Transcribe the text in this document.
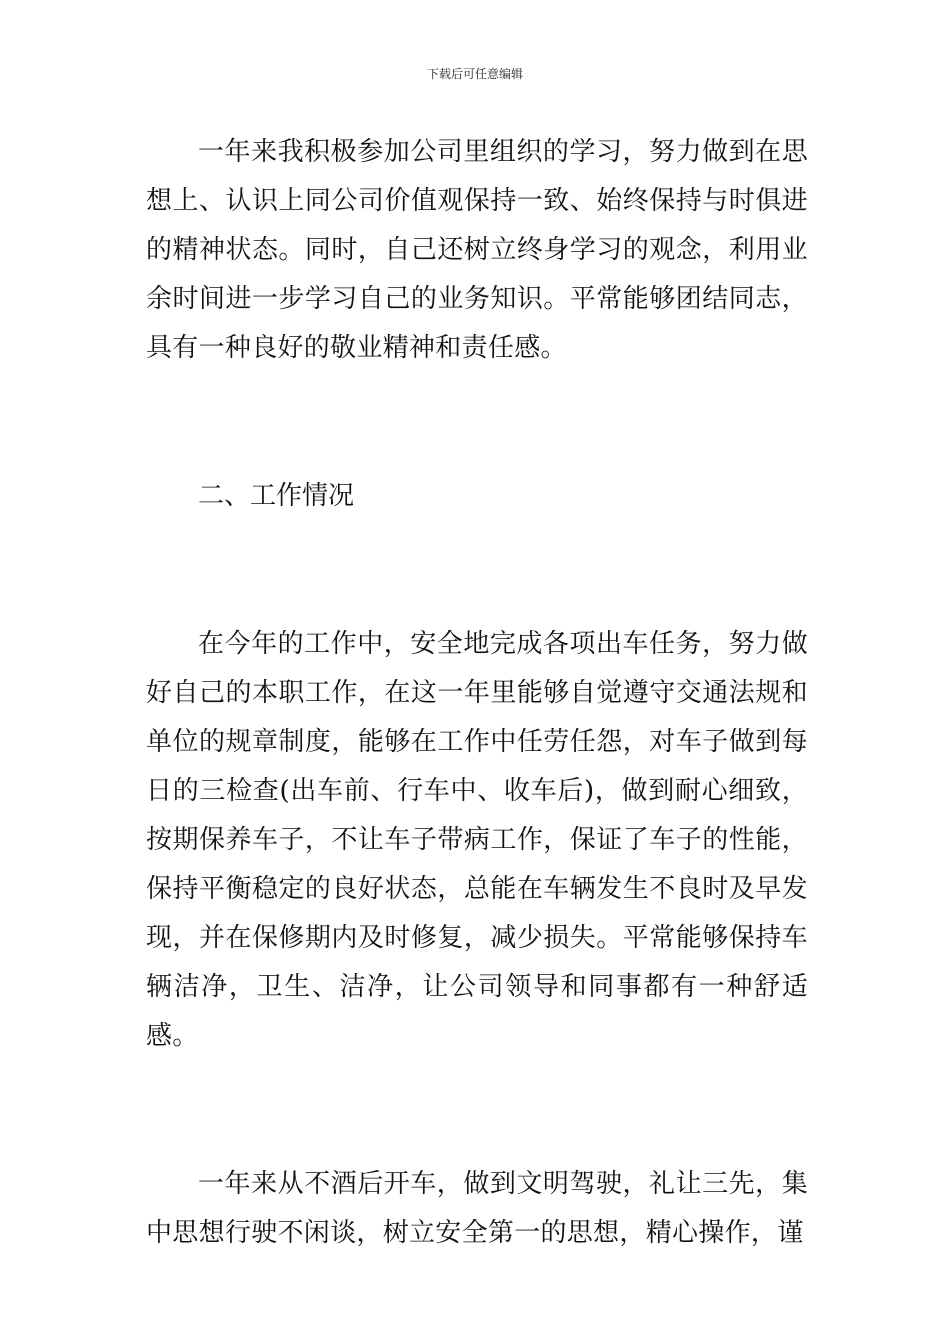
下载后可任意编辑

一年来我积极参加公司里组织的学习，努力做到在思想上、认识上同公司价值观保持一致、始终保持与时俱进的精神状态。同时，自己还树立终身学习的观念，利用业余时间进一步学习自己的业务知识。平常能够团结同志，具有一种良好的敬业精神和责任感。

二、工作情况

在今年的工作中，安全地完成各项出车任务，努力做好自己的本职工作，在这一年里能够自觉遵守交通法规和单位的规章制度，能够在工作中任劳任怨，对车子做到每日的三检查(出车前、行车中、收车后)，做到耐心细致，按期保养车子，不让车子带病工作，保证了车子的性能，保持平衡稳定的良好状态，总能在车辆发生不良时及早发现，并在保修期内及时修复，减少损失。平常能够保持车辆洁净，卫生、洁净，让公司领导和同事都有一种舒适感。

一年来从不酒后开车，做到文明驾驶，礼让三先，集中思想行驶不闲谈，树立安全第一的思想，精心操作，谨
